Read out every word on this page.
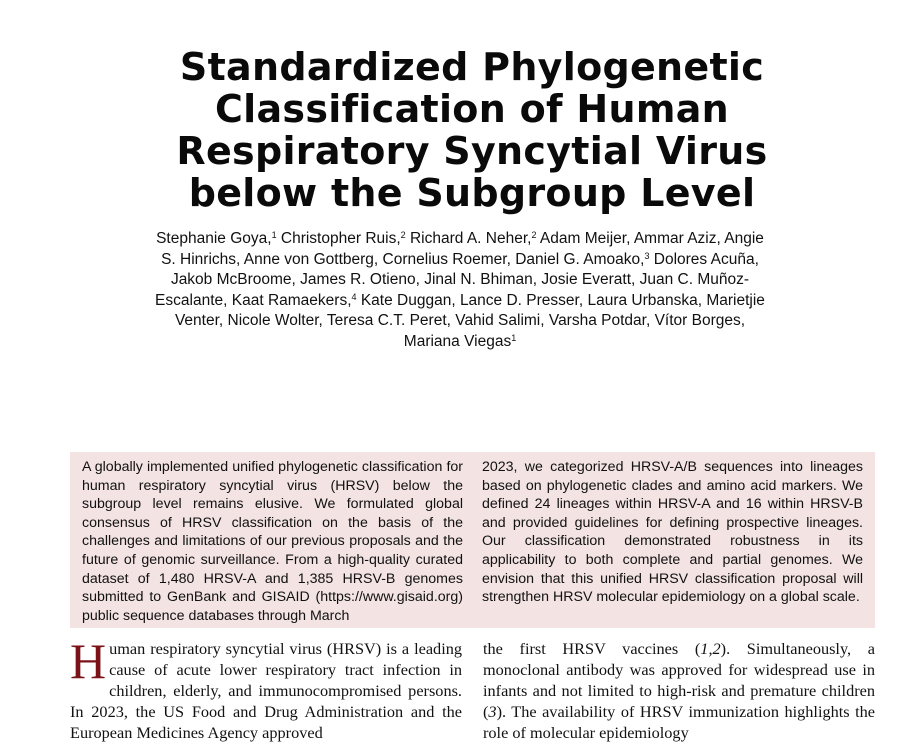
Standardized Phylogenetic Classification of Human Respiratory Syncytial Virus below the Subgroup Level

Stephanie Goya,$^1$ Christopher Ruis,$^2$ Richard A. Neher,$^2$ Adam Meijer, Ammar Aziz, Angie S. Hinrichs, Anne von Gottberg, Cornelius Roemer, Daniel G. Amoako,$^3$ Dolores Acuña, Jakob McBroome, James R. Otieno, Jinal N. Bhiman, Josie Everatt, Juan C. Muñoz-Escalante, Kaat Ramaekers,$^4$ Kate Duggan, Lance D. Presser, Laura Urbanska, Marietjie Venter, Nicole Wolter, Teresa C.T. Peret, Vahid Salimi, Varsha Potdar, Vítor Borges, Mariana Viegas$^1$

A globally implemented unified phylogenetic classification for human respiratory syncytial virus (HRSV) below the subgroup level remains elusive. We formulated global consensus of HRSV classification on the basis of the challenges and limitations of our previous proposals and the future of genomic surveillance. From a high-quality curated dataset of 1,480 HRSV-A and 1,385 HRSV-B genomes submitted to GenBank and GISAID (https://www.gisaid.org) public sequence databases through March

2023, we categorized HRSV-A/B sequences into lineages based on phylogenetic clades and amino acid markers. We defined 24 lineages within HRSV-A and 16 within HRSV-B and provided guidelines for defining prospective lineages. Our classification demonstrated robustness in its applicability to both complete and partial genomes. We envision that this unified HRSV classification proposal will strengthen HRSV molecular epidemiology on a global scale.

Human respiratory syncytial virus (HRSV) is a leading cause of acute lower respiratory tract infection in children, elderly, and immunocompromised persons. In 2023, the US Food and Drug Administration and the European Medicines Agency approved

the first HRSV vaccines (1,2). Simultaneously, a monoclonal antibody was approved for widespread use in infants and not limited to high-risk and premature children (3). The availability of HRSV immunization highlights the role of molecular epidemiology
